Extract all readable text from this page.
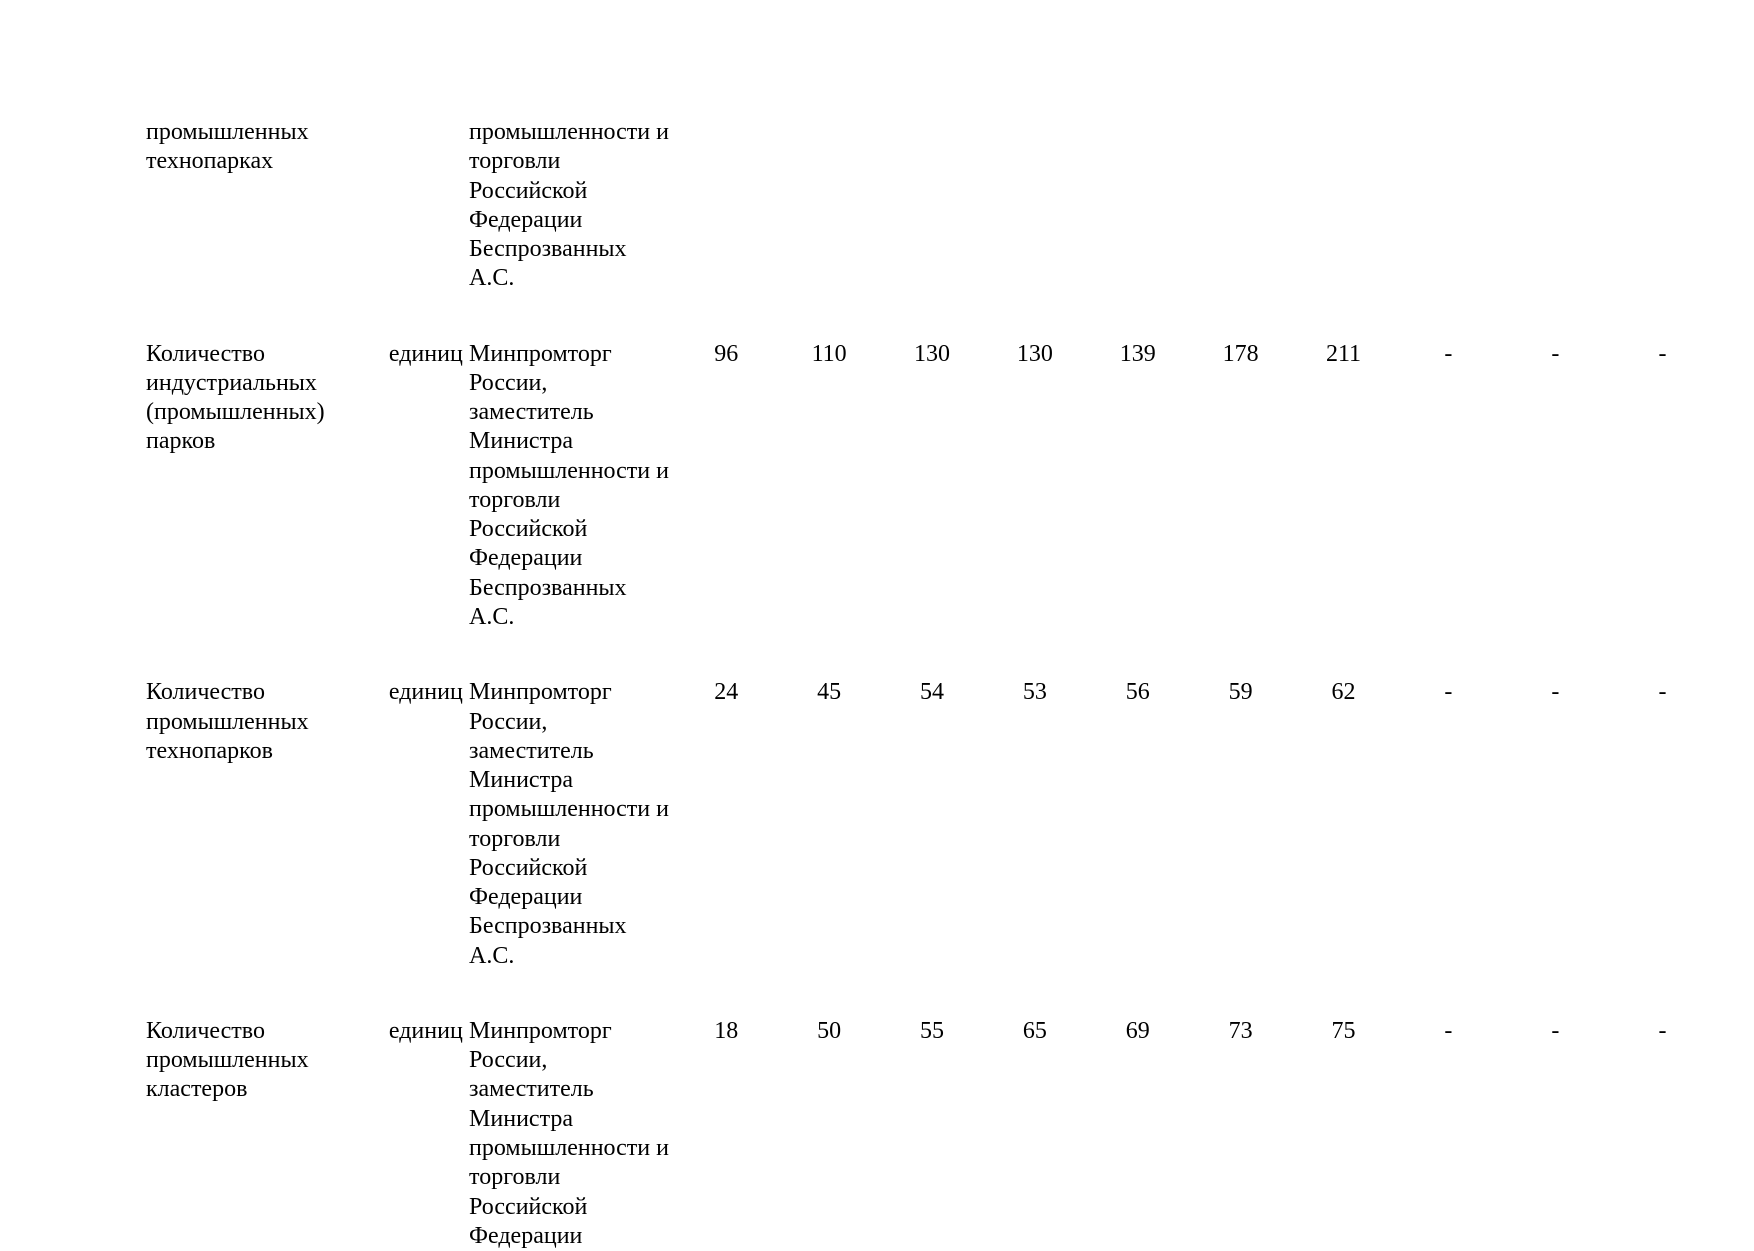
промышленных технопарках		промышленности и торговли Российской Федерации Беспрозванных А.С.										

Количество индустриальных (промышленных) парков	единиц	Минпромторг России, заместитель Министра промышленности и торговли Российской Федерации Беспрозванных А.С.	96	110	130	130	139	178	211	-	-	-

Количество промышленных технопарков	единиц	Минпромторг России, заместитель Министра промышленности и торговли Российской Федерации Беспрозванных А.С.	24	45	54	53	56	59	62	-	-	-

Количество промышленных кластеров	единиц	Минпромторг России, заместитель Министра промышленности и торговли Российской Федерации	18	50	55	65	69	73	75	-	-	-
